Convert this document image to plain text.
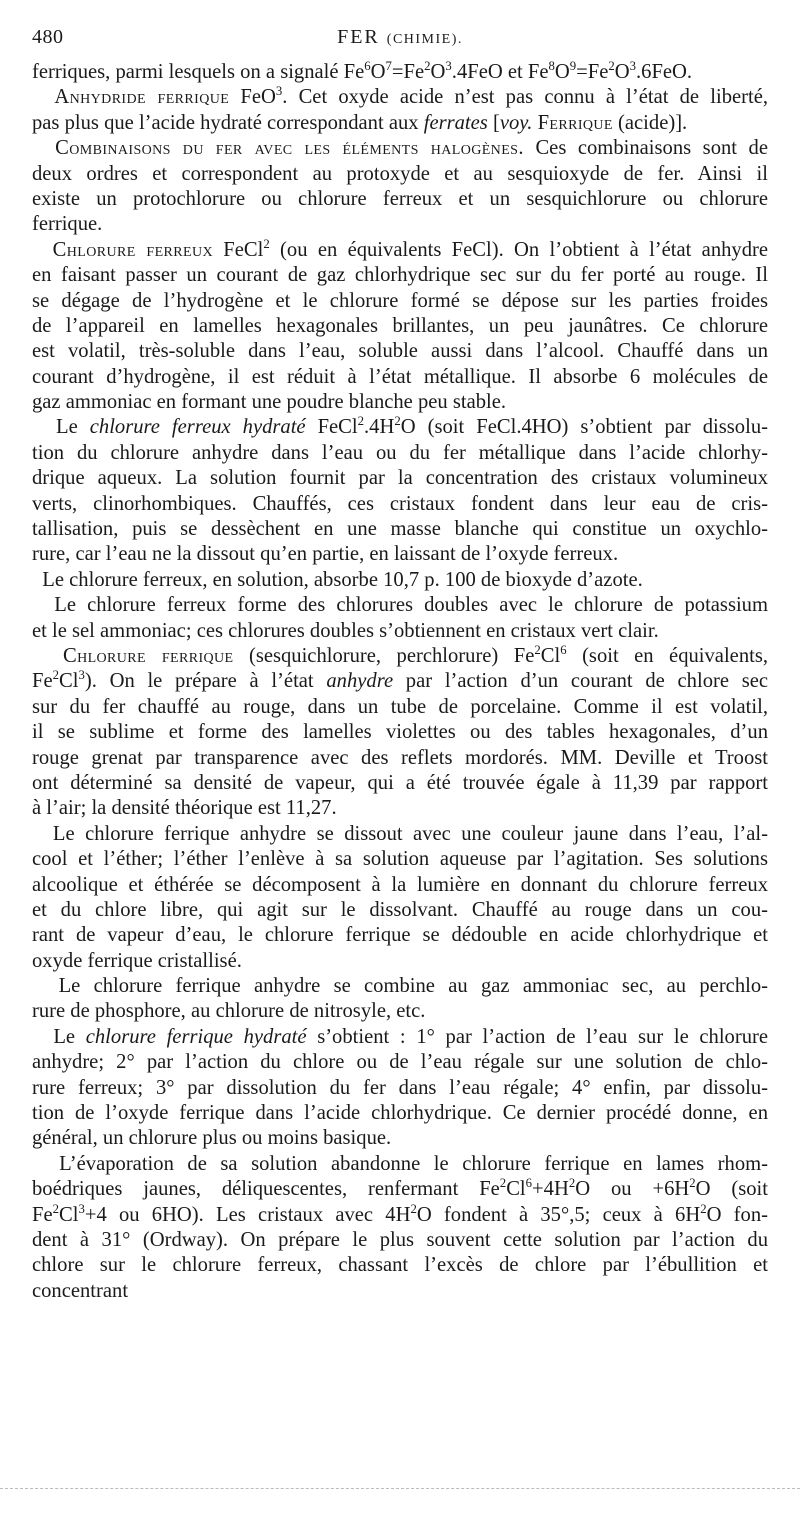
480	FER (CHIMIE).
ferriques, parmi lesquels on a signalé $Fe^6O^7=Fe^2O^3.4FeO$ et $Fe^8O^9=Fe^2O^3.6FeO$.
Anhydride ferrique FeO$^3$. Cet oxyde acide n’est pas connu à l’état de liberté,
pas plus que l’acide hydraté correspondant aux ferrates [voy. Ferrique (acide)].
Combinaisons du fer avec les éléments halogènes. Ces combinaisons sont de
deux ordres et correspondent au protoxyde et au sesquioxyde de fer. Ainsi il
existe un protochlorure ou chlorure ferreux et un sesquichlorure ou chlorure
ferrique.
Chlorure ferreux FeCl$^2$ (ou en équivalents FeCl). On l’obtient à l’état anhydre
en faisant passer un courant de gaz chlorhydrique sec sur du fer porté au rouge. Il
se dégage de l’hydrogène et le chlorure formé se dépose sur les parties froides
de l’appareil en lamelles hexagonales brillantes, un peu jaunâtres. Ce chlorure
est volatil, très-soluble dans l’eau, soluble aussi dans l’alcool. Chauffé dans un
courant d’hydrogène, il est réduit à l’état métallique. Il absorbe 6 molécules de
gaz ammoniac en formant une poudre blanche peu stable.
Le chlorure ferreux hydraté $FeCl^2.4H^2O$ (soit FeCl.4HO) s’obtient par dissolu-
tion du chlorure anhydre dans l’eau ou du fer métallique dans l’acide chlorhy-
drique aqueux. La solution fournit par la concentration des cristaux volumineux
verts, clinorhombiques. Chauffés, ces cristaux fondent dans leur eau de cris-
tallisation, puis se dessèchent en une masse blanche qui constitue un oxychlo-
rure, car l’eau ne la dissout qu’en partie, en laissant de l’oxyde ferreux.
Le chlorure ferreux, en solution, absorbe 10,7 p. 100 de bioxyde d’azote.
Le chlorure ferreux forme des chlorures doubles avec le chlorure de potassium
et le sel ammoniac; ces chlorures doubles s’obtiennent en cristaux vert clair.
Chlorure ferrique (sesquichlorure, perchlorure) Fe$^2$Cl$^6$ (soit en équivalents,
Fe$^2$Cl$^3$). On le prépare à l’état anhydre par l’action d’un courant de chlore sec
sur du fer chauffé au rouge, dans un tube de porcelaine. Comme il est volatil,
il se sublime et forme des lamelles violettes ou des tables hexagonales, d’un
rouge grenat par transparence avec des reflets mordorés. MM. Deville et Troost
ont déterminé sa densité de vapeur, qui a été trouvée égale à 11,39 par rapport
à l’air; la densité théorique est 11,27.
Le chlorure ferrique anhydre se dissout avec une couleur jaune dans l’eau, l’al-
cool et l’éther; l’éther l’enlève à sa solution aqueuse par l’agitation. Ses solutions
alcoolique et éthérée se décomposent à la lumière en donnant du chlorure ferreux
et du chlore libre, qui agit sur le dissolvant. Chauffé au rouge dans un cou-
rant de vapeur d’eau, le chlorure ferrique se dédouble en acide chlorhydrique et
oxyde ferrique cristallisé.
Le chlorure ferrique anhydre se combine au gaz ammoniac sec, au perchlo-
rure de phosphore, au chlorure de nitrosyle, etc.
Le chlorure ferrique hydraté s’obtient : 1° par l’action de l’eau sur le chlorure
anhydre; 2° par l’action du chlore ou de l’eau régale sur une solution de chlo-
rure ferreux; 3° par dissolution du fer dans l’eau régale; 4° enfin, par dissolu-
tion de l’oxyde ferrique dans l’acide chlorhydrique. Ce dernier procédé donne, en
général, un chlorure plus ou moins basique.
L’évaporation de sa solution abandonne le chlorure ferrique en lames rhom-
boédriques jaunes, déliquescentes, renfermant $Fe^2Cl^6+4H^2O$ ou $+6H^2O$ (soit
$Fe^2Cl^3+4$ ou 6HO). Les cristaux avec $4H^2O$ fondent à 35°,5; ceux à $6H^2O$ fon-
dent à 31° (Ordway). On prépare le plus souvent cette solution par l’action du
chlore sur le chlorure ferreux, chassant l’excès de chlore par l’ébullition et
concentrant
